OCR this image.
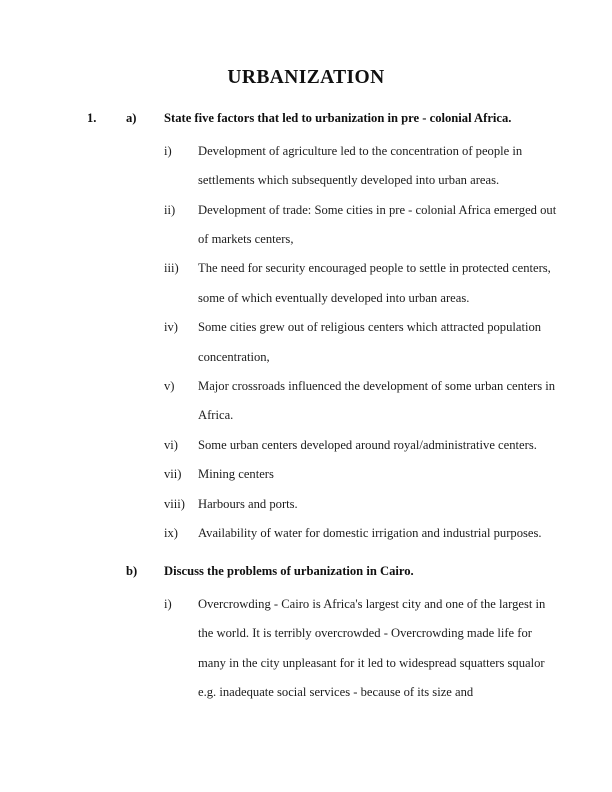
URBANIZATION
1. a)	State five factors that led to urbanization in pre - colonial Africa.
i)	Development of agriculture led to the concentration of people in settlements which subsequently developed into urban areas.
ii)	Development of trade: Some cities in pre - colonial Africa emerged out of markets centers,
iii)	The need for security encouraged people to settle in protected centers, some of which eventually developed into urban areas.
iv)	Some cities grew out of religious centers which attracted population concentration,
v)	Major crossroads influenced the development of some urban centers in Africa.
vi)	Some urban centers developed around royal/administrative centers.
vii)	Mining centers
viii)	Harbours and ports.
ix)	Availability of water for domestic irrigation and industrial purposes.
b)	Discuss the problems of urbanization in Cairo.
i)	Overcrowding - Cairo is Africa's largest city and one of the largest in the world. It is terribly overcrowded - Overcrowding made life for many in the city unpleasant for it led to widespread squatters squalor e.g. inadequate social services - because of its size and
